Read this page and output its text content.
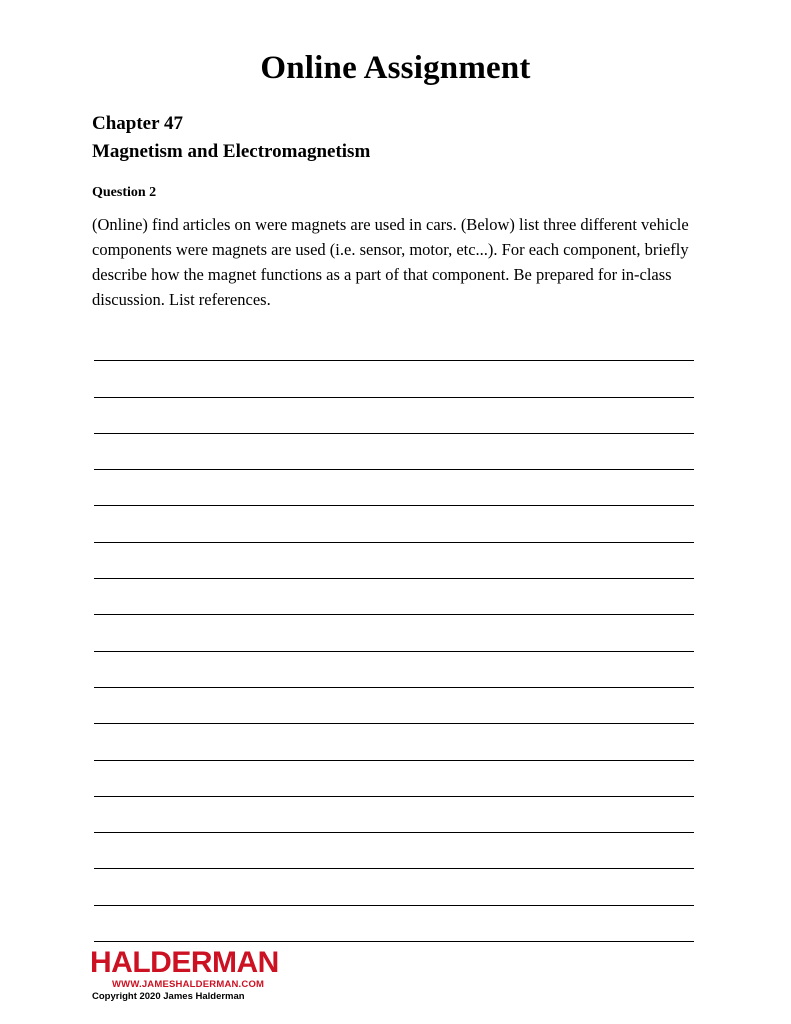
Online Assignment
Chapter 47
Magnetism and Electromagnetism
Question 2
(Online) find articles on were magnets are used in cars. (Below) list three different vehicle components were magnets are used (i.e. sensor, motor, etc...). For each component, briefly describe how the magnet functions as a part of that component. Be prepared for in-class discussion. List references.
HALDERMAN
WWW.JAMESHALDERMAN.COM
Copyright 2020 James Halderman
